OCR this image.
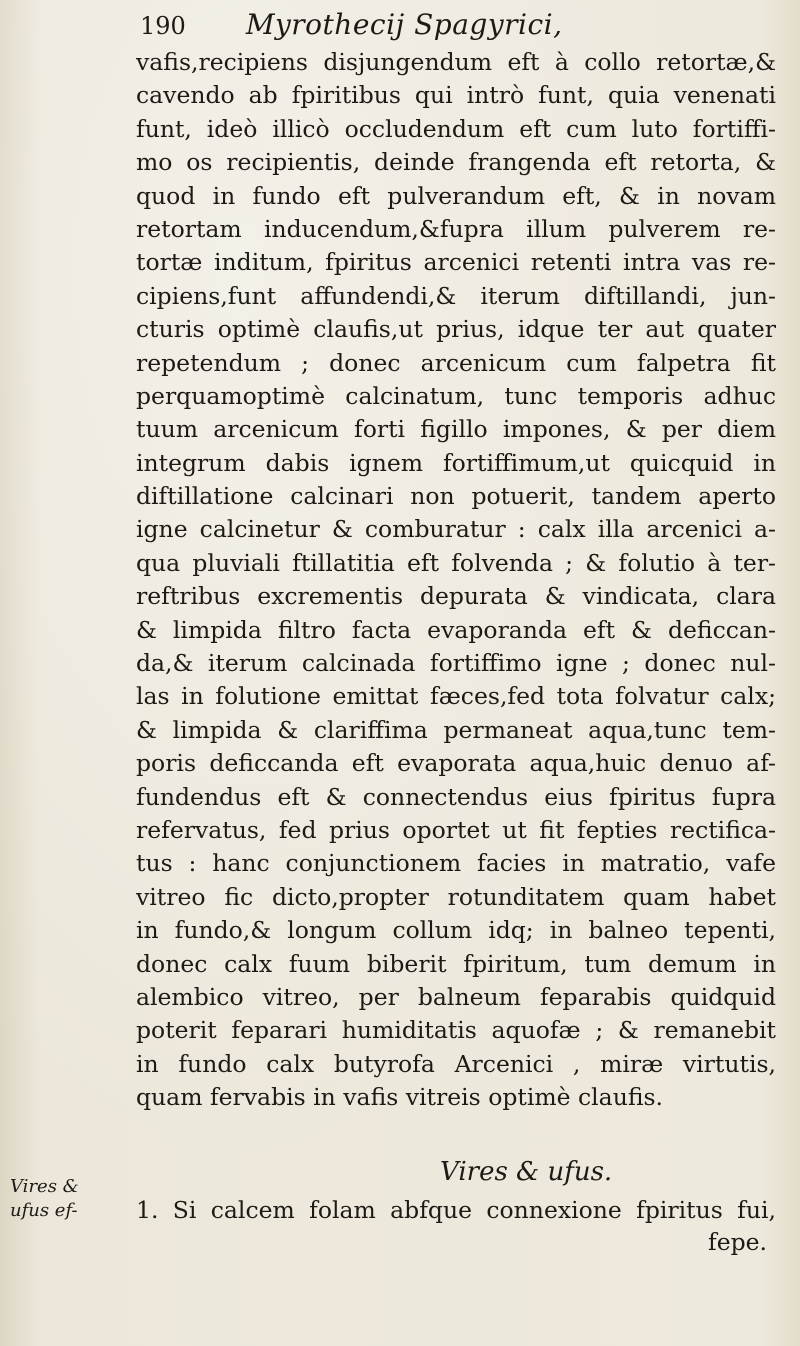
190 Myrothecij Spagyrici,
vafis,recipiens disjungendum eft à collo retortæ,&
cavendo ab fpiritibus qui intrò funt, quia venenati
funt, ideò illicò occludendum eft cum luto fortiffi-
mo os recipientis, deinde frangenda eft retorta, &
quod in fundo eft pulverandum eft, & in novam
retortam inducendum,&fupra illum pulverem re-
tortæ inditum, fpiritus arcenici retenti intra vas re-
cipiens,funt affundendi,& iterum diftillandi, jun-
cturis optimè claufis,ut prius, idque ter aut quater
repetendum ; donec arcenicum cum falpetra fit
perquamoptimè calcinatum, tunc temporis adhuc
tuum arcenicum forti figillo impones, & per diem
integrum dabis ignem fortiffimum,ut quicquid in
diftillatione calcinari non potuerit, tandem aperto
igne calcinetur & comburatur : calx illa arcenici a-
qua pluviali ftillatitia eft folvenda ; & folutio à ter-
reftribus excrementis depurata & vindicata, clara
& limpida filtro facta evaporanda eft & deficcan-
da,& iterum calcinada fortiffimo igne ; donec nul-
las in folutione emittat fæces,fed tota folvatur calx;
& limpida & clariffima permaneat aqua,tunc tem-
poris deficcanda eft evaporata aqua,huic denuo af-
fundendus eft & connectendus eius fpiritus fupra
refervatus, fed prius oportet ut fit fepties rectifica-
tus : hanc conjunctionem facies in matratio, vafe
vitreo fic dicto,propter rotunditatem quam habet
in fundo,& longum collum idq; in balneo tepenti,
donec calx fuum biberit fpiritum, tum demum in
alembico vitreo, per balneum feparabis quidquid
poterit feparari humiditatis aquofæ ; & remanebit
in fundo calx butyrofa Arcenici , miræ virtutis,
quam fervabis in vafis vitreis optimè claufis.
Vires & ufus.
Vires & ufus ef-	1. Si calcem folam abfque connexione fpiritus fui,
fepe.
